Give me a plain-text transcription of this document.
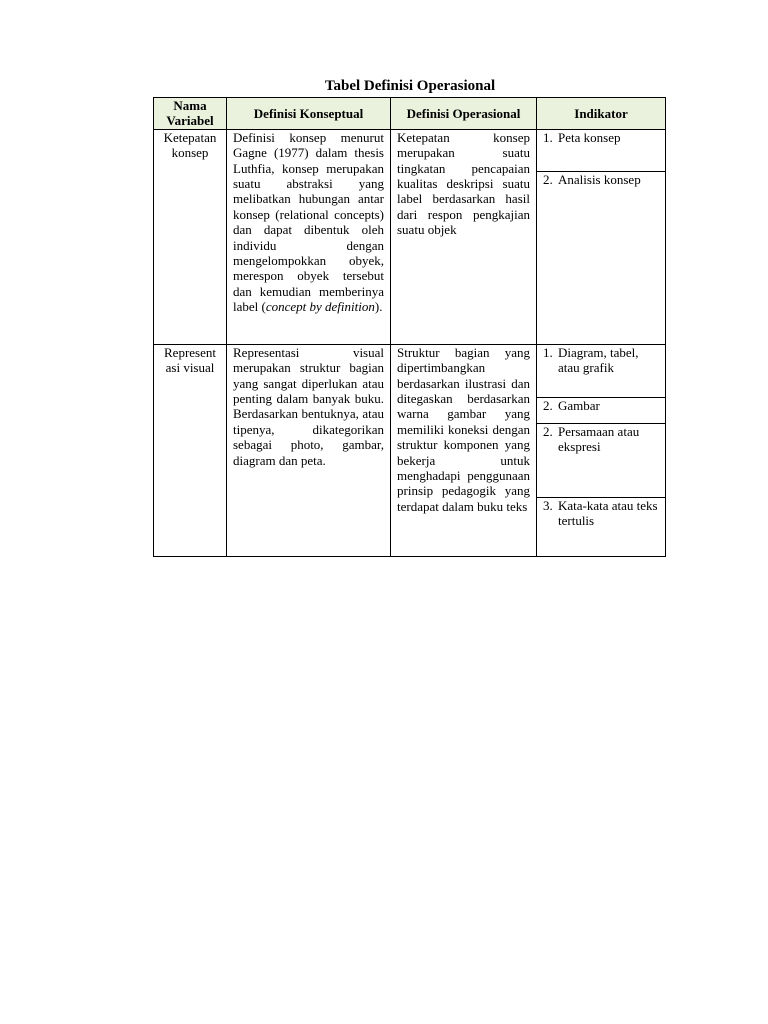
Tabel Definisi Operasional
Nama Variabel	Definisi Konseptual	Definisi Operasional	Indikator
Ketepatan konsep	Definisi konsep menurut Gagne (1977) dalam thesis Luthfia, konsep merupakan suatu abstraksi yang melibatkan hubungan antar konsep (relational concepts) dan dapat dibentuk oleh individu dengan mengelompokkan obyek, merespon obyek tersebut dan kemudian memberinya label (concept by definition).	Ketepatan konsep merupakan suatu tingkatan pencapaian kualitas deskripsi suatu label berdasarkan hasil dari respon pengkajian suatu objek	1. Peta konsep

			2. Analisis konsep

Represent asi visual	Representasi visual merupakan struktur bagian yang sangat diperlukan atau penting dalam banyak buku. Berdasarkan bentuknya, atau tipenya, dikategorikan sebagai photo, gambar, diagram dan peta.	Struktur bagian yang dipertimbangkan berdasarkan ilustrasi dan ditegaskan berdasarkan warna gambar yang memiliki koneksi dengan struktur komponen yang bekerja untuk menghadapi penggunaan prinsip pedagogik yang terdapat dalam buku teks	1. Diagram, tabel, atau grafik

			2. Gambar

			2. Persamaan atau ekspresi

			3. Kata-kata atau teks tertulis
